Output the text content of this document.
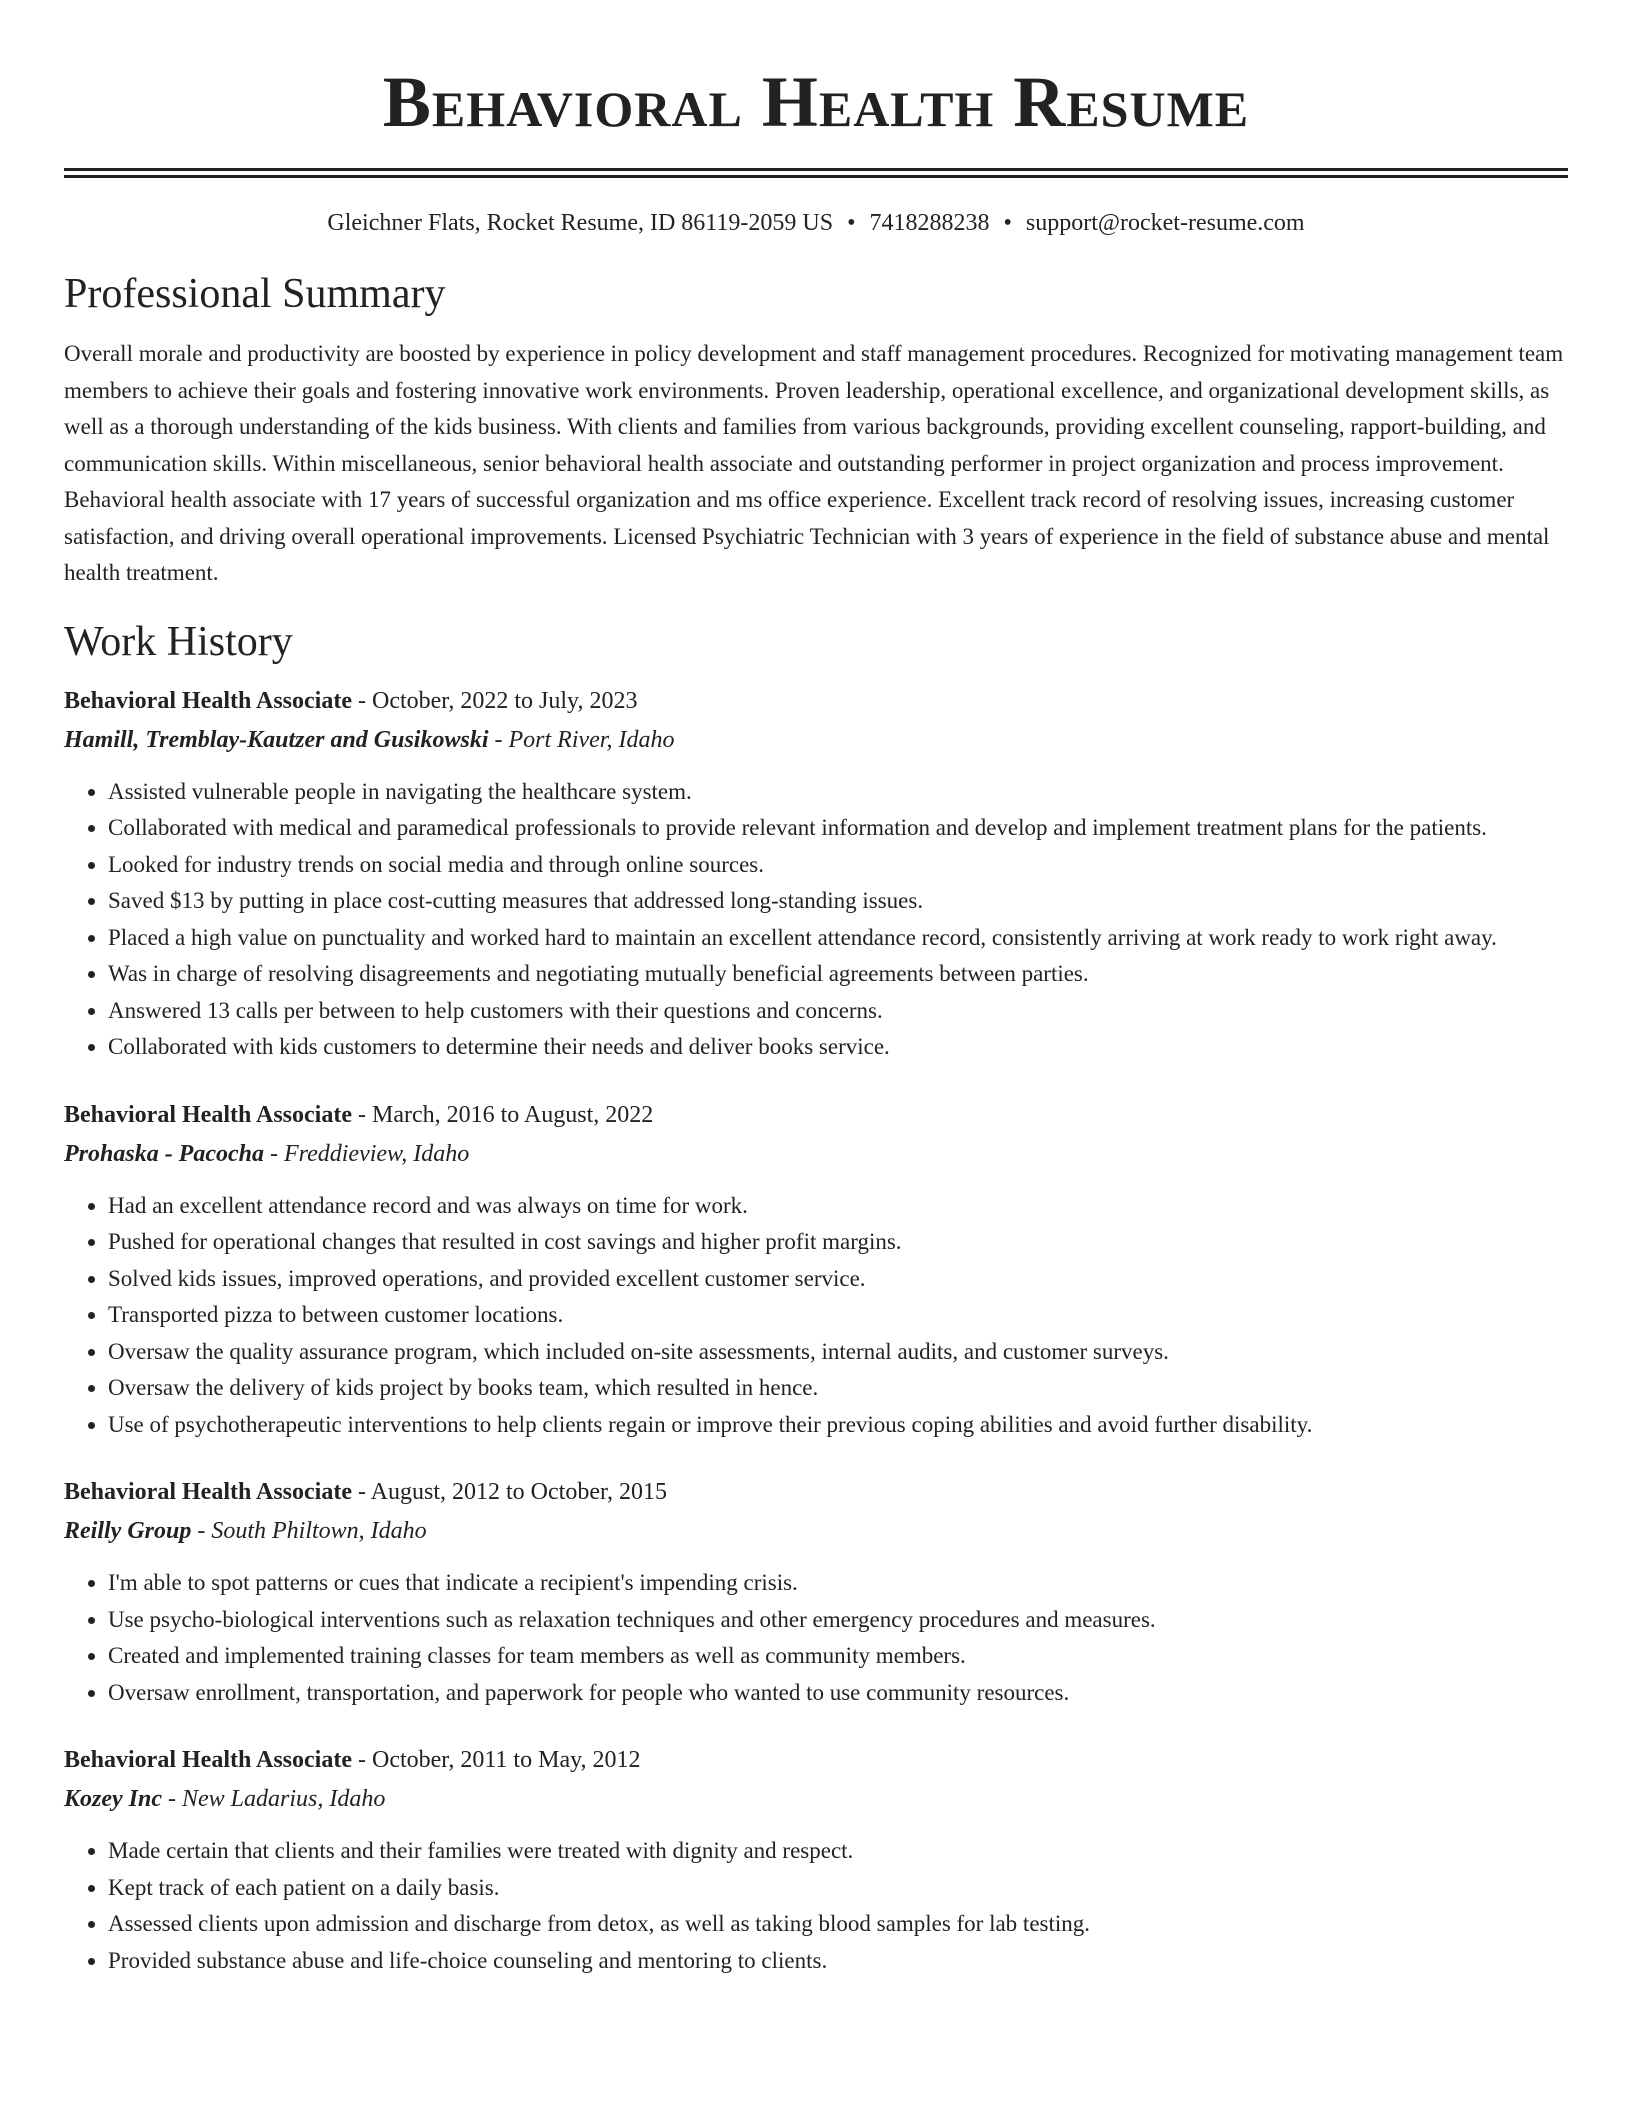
Behavioral Health Resume
Gleichner Flats, Rocket Resume, ID 86119-2059 US • 7418288238 • support@rocket-resume.com
Professional Summary

Overall morale and productivity are boosted by experience in policy development and staff management procedures. Recognized for motivating management team members to achieve their goals and fostering innovative work environments. Proven leadership, operational excellence, and organizational development skills, as well as a thorough understanding of the kids business. With clients and families from various backgrounds, providing excellent counseling, rapport-building, and communication skills. Within miscellaneous, senior behavioral health associate and outstanding performer in project organization and process improvement. Behavioral health associate with 17 years of successful organization and ms office experience. Excellent track record of resolving issues, increasing customer satisfaction, and driving overall operational improvements. Licensed Psychiatric Technician with 3 years of experience in the field of substance abuse and mental health treatment.

Work History
Behavioral Health Associate - October, 2022 to July, 2023
Hamill, Tremblay-Kautzer and Gusikowski - Port River, Idaho
• Assisted vulnerable people in navigating the healthcare system.
• Collaborated with medical and paramedical professionals to provide relevant information and develop and implement treatment plans for the patients.
• Looked for industry trends on social media and through online sources.
• Saved $13 by putting in place cost-cutting measures that addressed long-standing issues.
• Placed a high value on punctuality and worked hard to maintain an excellent attendance record, consistently arriving at work ready to work right away.
• Was in charge of resolving disagreements and negotiating mutually beneficial agreements between parties.
• Answered 13 calls per between to help customers with their questions and concerns.
• Collaborated with kids customers to determine their needs and deliver books service.
Behavioral Health Associate - March, 2016 to August, 2022
Prohaska - Pacocha - Freddieview, Idaho
• Had an excellent attendance record and was always on time for work.
• Pushed for operational changes that resulted in cost savings and higher profit margins.
• Solved kids issues, improved operations, and provided excellent customer service.
• Transported pizza to between customer locations.
• Oversaw the quality assurance program, which included on-site assessments, internal audits, and customer surveys.
• Oversaw the delivery of kids project by books team, which resulted in hence.
• Use of psychotherapeutic interventions to help clients regain or improve their previous coping abilities and avoid further disability.
Behavioral Health Associate - August, 2012 to October, 2015
Reilly Group - South Philtown, Idaho
• I'm able to spot patterns or cues that indicate a recipient's impending crisis.
• Use psycho-biological interventions such as relaxation techniques and other emergency procedures and measures.
• Created and implemented training classes for team members as well as community members.
• Oversaw enrollment, transportation, and paperwork for people who wanted to use community resources.
Behavioral Health Associate - October, 2011 to May, 2012
Kozey Inc - New Ladarius, Idaho
• Made certain that clients and their families were treated with dignity and respect.
• Kept track of each patient on a daily basis.
• Assessed clients upon admission and discharge from detox, as well as taking blood samples for lab testing.
• Provided substance abuse and life-choice counseling and mentoring to clients.
